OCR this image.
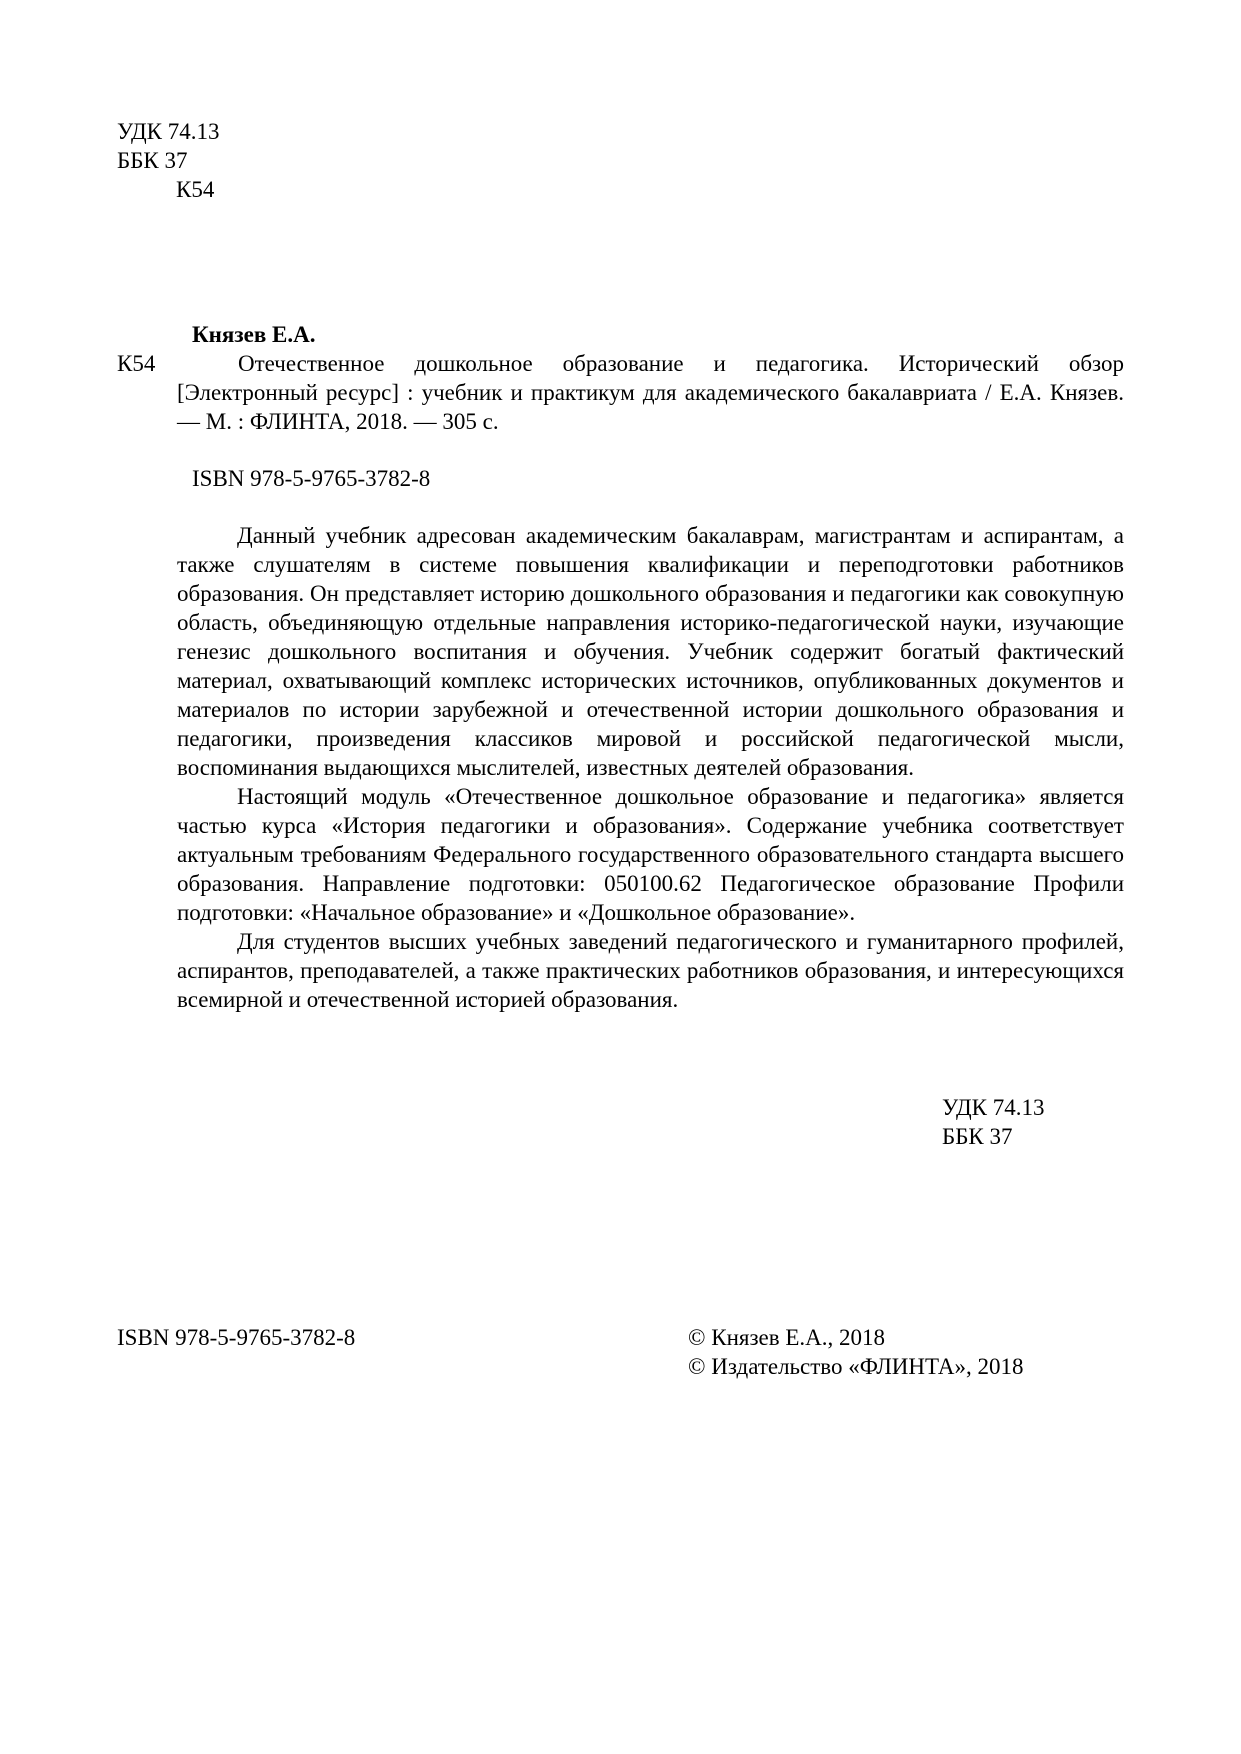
УДК 74.13
ББК 37
К54
Князев Е.А.
К54	Отечественное дошкольное образование и педагогика. Исторический обзор [Электронный ресурс] : учебник и практикум для академического бакалавриата / Е.А. Князев. — М. : ФЛИНТА, 2018. — 305 с.

ISBN 978-5-9765-3782-8

Данный учебник адресован академическим бакалаврам, магистрантам и аспирантам, а также слушателям в системе повышения квалификации и переподготовки работников образования. Он представляет историю дошкольного образования и педагогики как совокупную область, объединяющую отдельные направления историко-педагогической науки, изучающие генезис дошкольного воспитания и обучения. Учебник содержит богатый фактический материал, охватывающий комплекс исторических источников, опубликованных документов и материалов по истории зарубежной и отечественной истории дошкольного образования и педагогики, произведения классиков мировой и российской педагогической мысли, воспоминания выдающихся мыслителей, известных деятелей образования.

Настоящий модуль «Отечественное дошкольное образование и педагогика» является частью курса «История педагогики и образования». Содержание учебника соответствует актуальным требованиям Федерального государственного образовательного стандарта высшего образования. Направление подготовки: 050100.62 Педагогическое образование Профили подготовки: «Начальное образование» и «Дошкольное образование».

Для студентов высших учебных заведений педагогического и гуманитарного профилей, аспирантов, преподавателей, а также практических работников образования, и интересующихся всемирной и отечественной историей образования.

УДК 74.13
ББК 37
ISBN 978-5-9765-3782-8	© Князев Е.А., 2018
© Издательство «ФЛИНТА», 2018
